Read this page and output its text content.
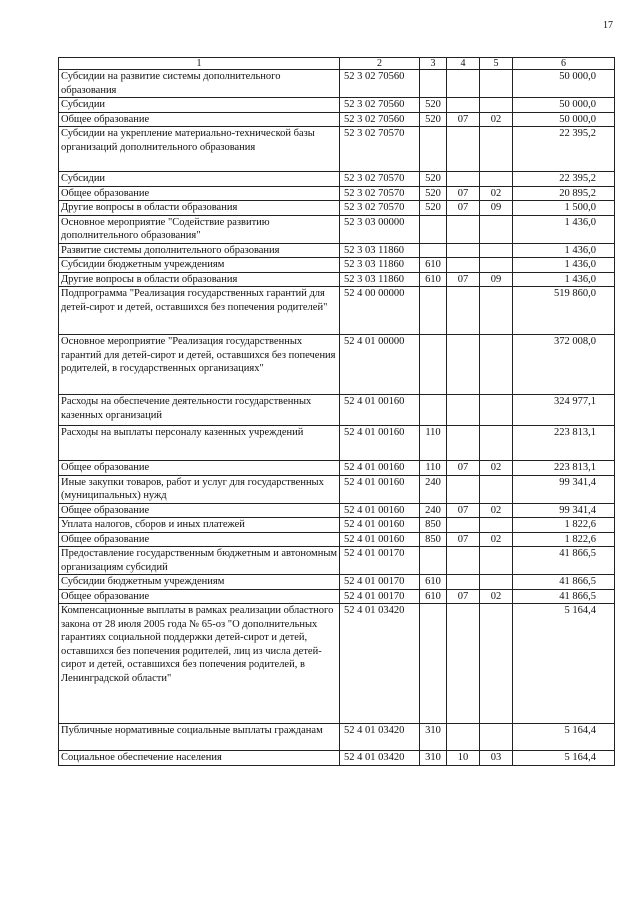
17
1	2	3	4	5	6
Субсидии на развитие системы дополнительного образования	52 3 02 70560				50 000,0
Субсидии	52 3 02 70560	520			50 000,0
Общее образование	52 3 02 70560	520	07	02	50 000,0
Субсидии на укрепление материально-технической базы организаций дополнительного образования	52 3 02 70570				22 395,2
Субсидии	52 3 02 70570	520			22 395,2
Общее образование	52 3 02 70570	520	07	02	20 895,2
Другие вопросы в области образования	52 3 02 70570	520	07	09	1 500,0
Основное мероприятие "Содействие развитию дополнительного образования"	52 3 03 00000				1 436,0
Развитие системы дополнительного образования	52 3 03 11860				1 436,0
Субсидии бюджетным учреждениям	52 3 03 11860	610			1 436,0
Другие вопросы в области образования	52 3 03 11860	610	07	09	1 436,0
Подпрограмма "Реализация государственных гарантий для детей-сирот и детей, оставшихся без попечения родителей"	52 4 00 00000				519 860,0
Основное мероприятие "Реализация государственных гарантий для детей-сирот и детей, оставшихся без попечения родителей, в государственных организациях"	52 4 01 00000				372 008,0
Расходы на обеспечение деятельности государственных казенных организаций	52 4 01 00160				324 977,1
Расходы на выплаты персоналу казенных учреждений	52 4 01 00160	110			223 813,1
Общее образование	52 4 01 00160	110	07	02	223 813,1
Иные закупки товаров, работ и услуг для государственных (муниципальных) нужд	52 4 01 00160	240			99 341,4
Общее образование	52 4 01 00160	240	07	02	99 341,4
Уплата налогов, сборов и иных платежей	52 4 01 00160	850			1 822,6
Общее образование	52 4 01 00160	850	07	02	1 822,6
Предоставление государственным бюджетным и автономным организациям субсидий	52 4 01 00170				41 866,5
Субсидии бюджетным учреждениям	52 4 01 00170	610			41 866,5
Общее образование	52 4 01 00170	610	07	02	41 866,5
Компенсационные выплаты в рамках реализации областного закона от 28 июля 2005 года № 65-оз "О дополнительных гарантиях социальной поддержки детей-сирот и детей, оставшихся без попечения родителей, лиц из числа детей-сирот и детей, оставшихся без попечения родителей, в Ленинградской области"	52 4 01 03420				5 164,4
Публичные нормативные социальные выплаты гражданам	52 4 01 03420	310			5 164,4
Социальное обеспечение населения	52 4 01 03420	310	10	03	5 164,4
